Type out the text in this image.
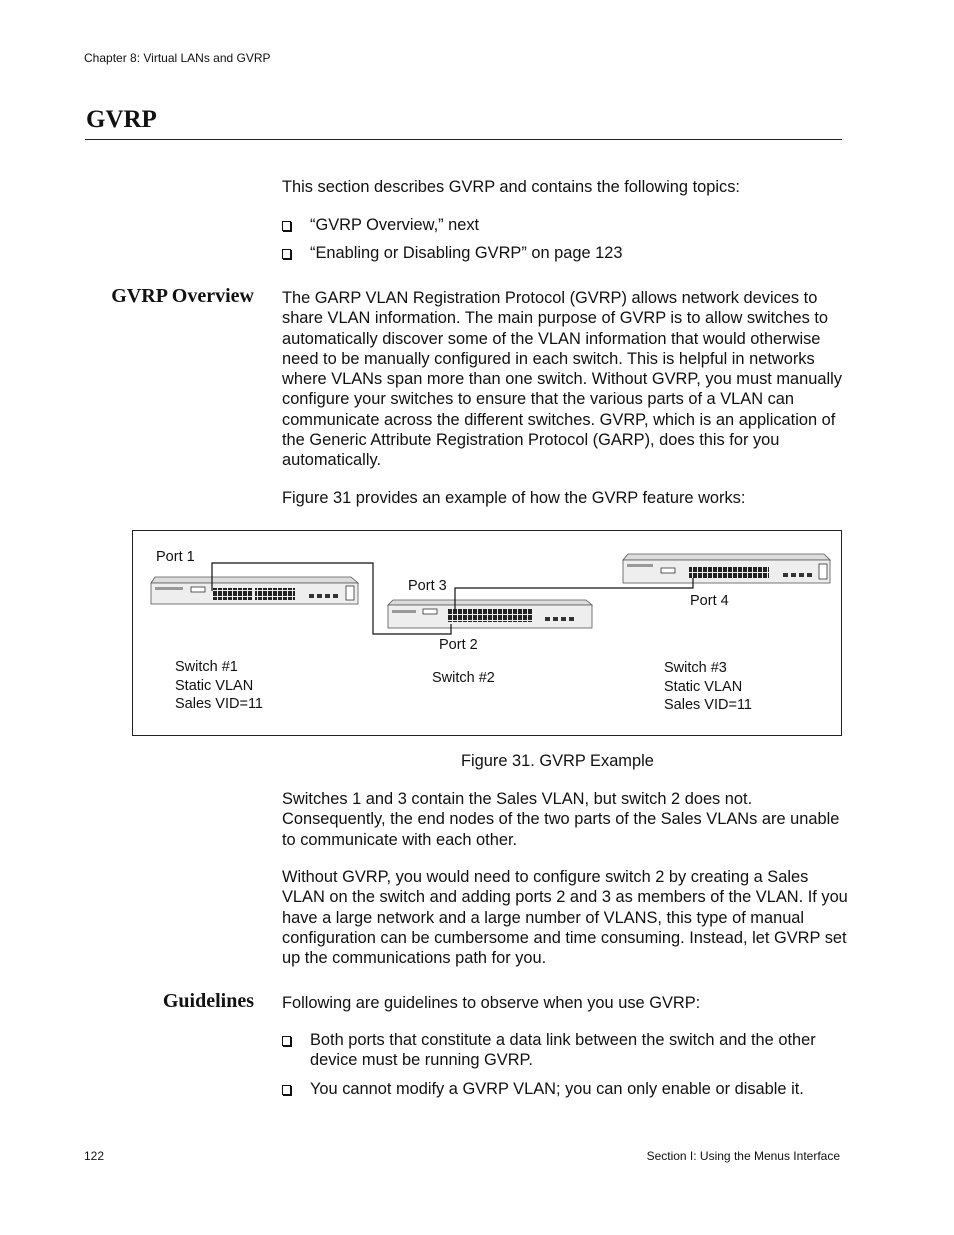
Chapter 8: Virtual LANs and GVRP
GVRP
This section describes GVRP and contains the following topics:
“GVRP Overview,” next
“Enabling or Disabling GVRP” on page 123
GVRP Overview The GARP VLAN Registration Protocol (GVRP) allows network devices to share VLAN information. The main purpose of GVRP is to allow switches to automatically discover some of the VLAN information that would otherwise need to be manually configured in each switch. This is helpful in networks where VLANs span more than one switch. Without GVRP, you must manually configure your switches to ensure that the various parts of a VLAN can communicate across the different switches. GVRP, which is an application of the Generic Attribute Registration Protocol (GARP), does this for you automatically.
Figure 31 provides an example of how the GVRP feature works:
Port 1
Port 3
Port 4
Port 2
Switch #1
Static VLAN
Sales VID=11
Switch #2
Switch #3
Static VLAN
Sales VID=11
Figure 31. GVRP Example
Switches 1 and 3 contain the Sales VLAN, but switch 2 does not. Consequently, the end nodes of the two parts of the Sales VLANs are unable to communicate with each other.
Without GVRP, you would need to configure switch 2 by creating a Sales VLAN on the switch and adding ports 2 and 3 as members of the VLAN. If you have a large network and a large number of VLANS, this type of manual configuration can be cumbersome and time consuming. Instead, let GVRP set up the communications path for you.
Guidelines Following are guidelines to observe when you use GVRP:
Both ports that constitute a data link between the switch and the other device must be running GVRP.
You cannot modify a GVRP VLAN; you can only enable or disable it.
122	Section I: Using the Menus Interface
